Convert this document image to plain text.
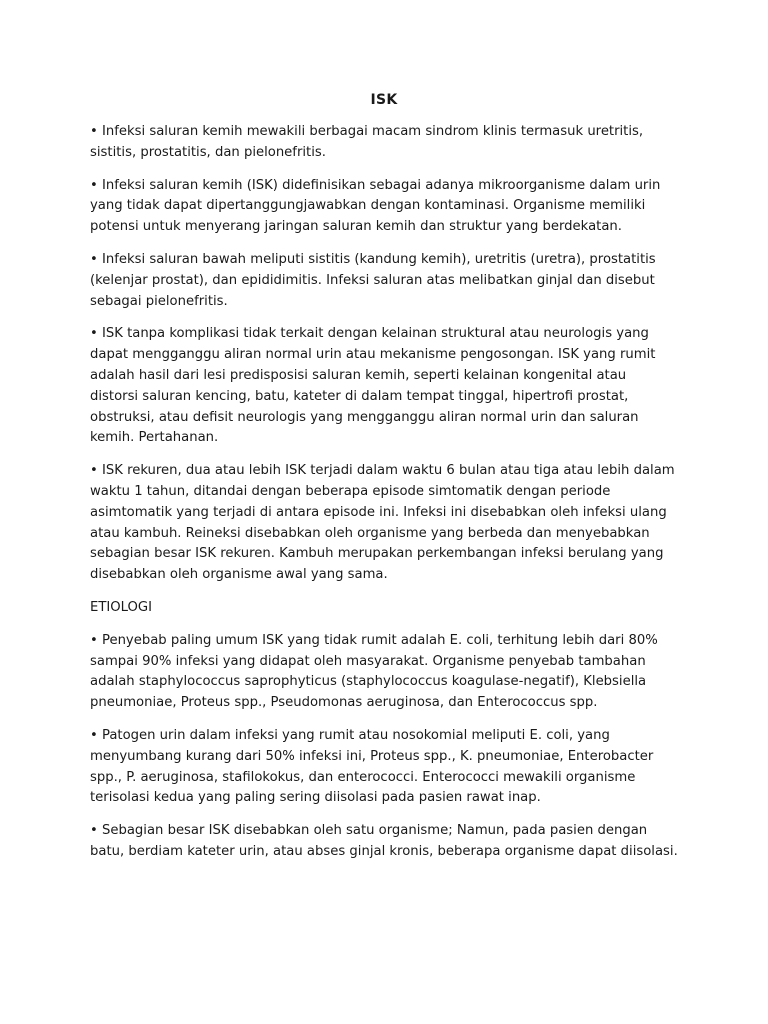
ISK

• Infeksi saluran kemih mewakili berbagai macam sindrom klinis termasuk uretritis, sistitis, prostatitis, dan pielonefritis.

• Infeksi saluran kemih (ISK) didefinisikan sebagai adanya mikroorganisme dalam urin yang tidak dapat dipertanggungjawabkan dengan kontaminasi. Organisme memiliki potensi untuk menyerang jaringan saluran kemih dan struktur yang berdekatan.

• Infeksi saluran bawah meliputi sistitis (kandung kemih), uretritis (uretra), prostatitis (kelenjar prostat), dan epididimitis. Infeksi saluran atas melibatkan ginjal dan disebut sebagai pielonefritis.

• ISK tanpa komplikasi tidak terkait dengan kelainan struktural atau neurologis yang dapat mengganggu aliran normal urin atau mekanisme pengosongan. ISK yang rumit adalah hasil dari lesi predisposisi saluran kemih, seperti kelainan kongenital atau distorsi saluran kencing, batu, kateter di dalam tempat tinggal, hipertrofi prostat, obstruksi, atau defisit neurologis yang mengganggu aliran normal urin dan saluran kemih. Pertahanan.

• ISK rekuren, dua atau lebih ISK terjadi dalam waktu 6 bulan atau tiga atau lebih dalam waktu 1 tahun, ditandai dengan beberapa episode simtomatik dengan periode asimtomatik yang terjadi di antara episode ini. Infeksi ini disebabkan oleh infeksi ulang atau kambuh. Reineksi disebabkan oleh organisme yang berbeda dan menyebabkan sebagian besar ISK rekuren. Kambuh merupakan perkembangan infeksi berulang yang disebabkan oleh organisme awal yang sama.

ETIOLOGI

• Penyebab paling umum ISK yang tidak rumit adalah E. coli, terhitung lebih dari 80% sampai 90% infeksi yang didapat oleh masyarakat. Organisme penyebab tambahan adalah staphylococcus saprophyticus (staphylococcus koagulase-negatif), Klebsiella pneumoniae, Proteus spp., Pseudomonas aeruginosa, dan Enterococcus spp.

• Patogen urin dalam infeksi yang rumit atau nosokomial meliputi E. coli, yang menyumbang kurang dari 50% infeksi ini, Proteus spp., K. pneumoniae, Enterobacter spp., P. aeruginosa, stafilokokus, dan enterococci. Enterococci mewakili organisme terisolasi kedua yang paling sering diisolasi pada pasien rawat inap.

• Sebagian besar ISK disebabkan oleh satu organisme; Namun, pada pasien dengan batu, berdiam kateter urin, atau abses ginjal kronis, beberapa organisme dapat diisolasi.
